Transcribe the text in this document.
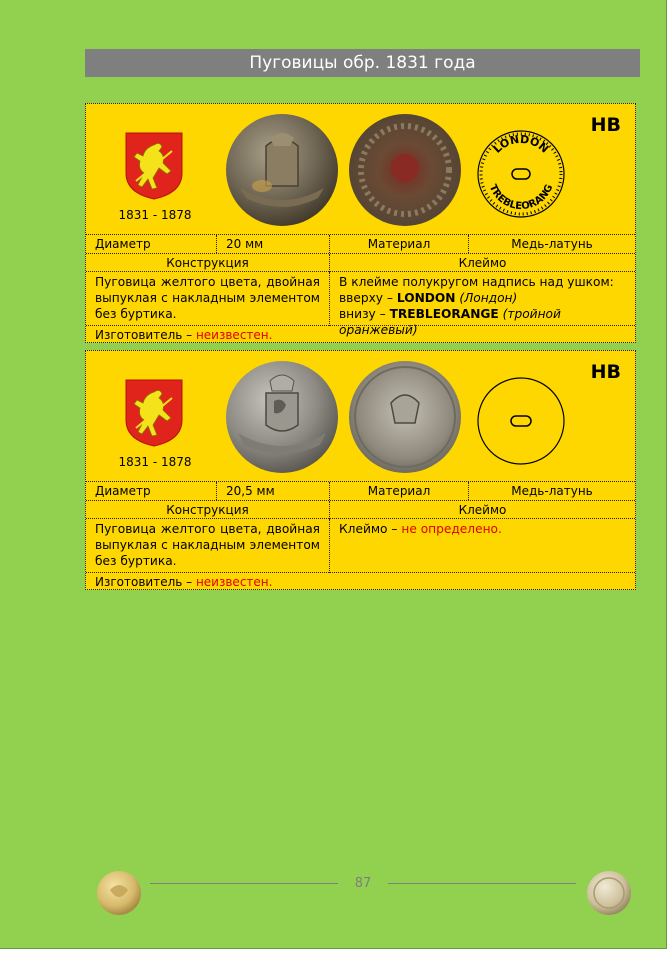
Пуговицы обр. 1831 года
1831 - 1878
LONDON
TREBLEORANG
НВ
Диаметр	20 мм	Материал	Медь-латунь
Конструкция	Клеймо
Пуговица желтого цвета, двойная выпуклая с накладным элементом без буртика.
В клейме полукругом надпись над ушком:
вверху – LONDON (Лондон)
внизу – TREBLEORANGE (тройной оранжевый)
Изготовитель – неизвестен.
1831 - 1878
НВ
Диаметр	20,5 мм	Материал	Медь-латунь
Конструкция	Клеймо
Пуговица желтого цвета, двойная выпуклая с накладным элементом без буртика.
Клеймо – не определено.
Изготовитель – неизвестен.
87
